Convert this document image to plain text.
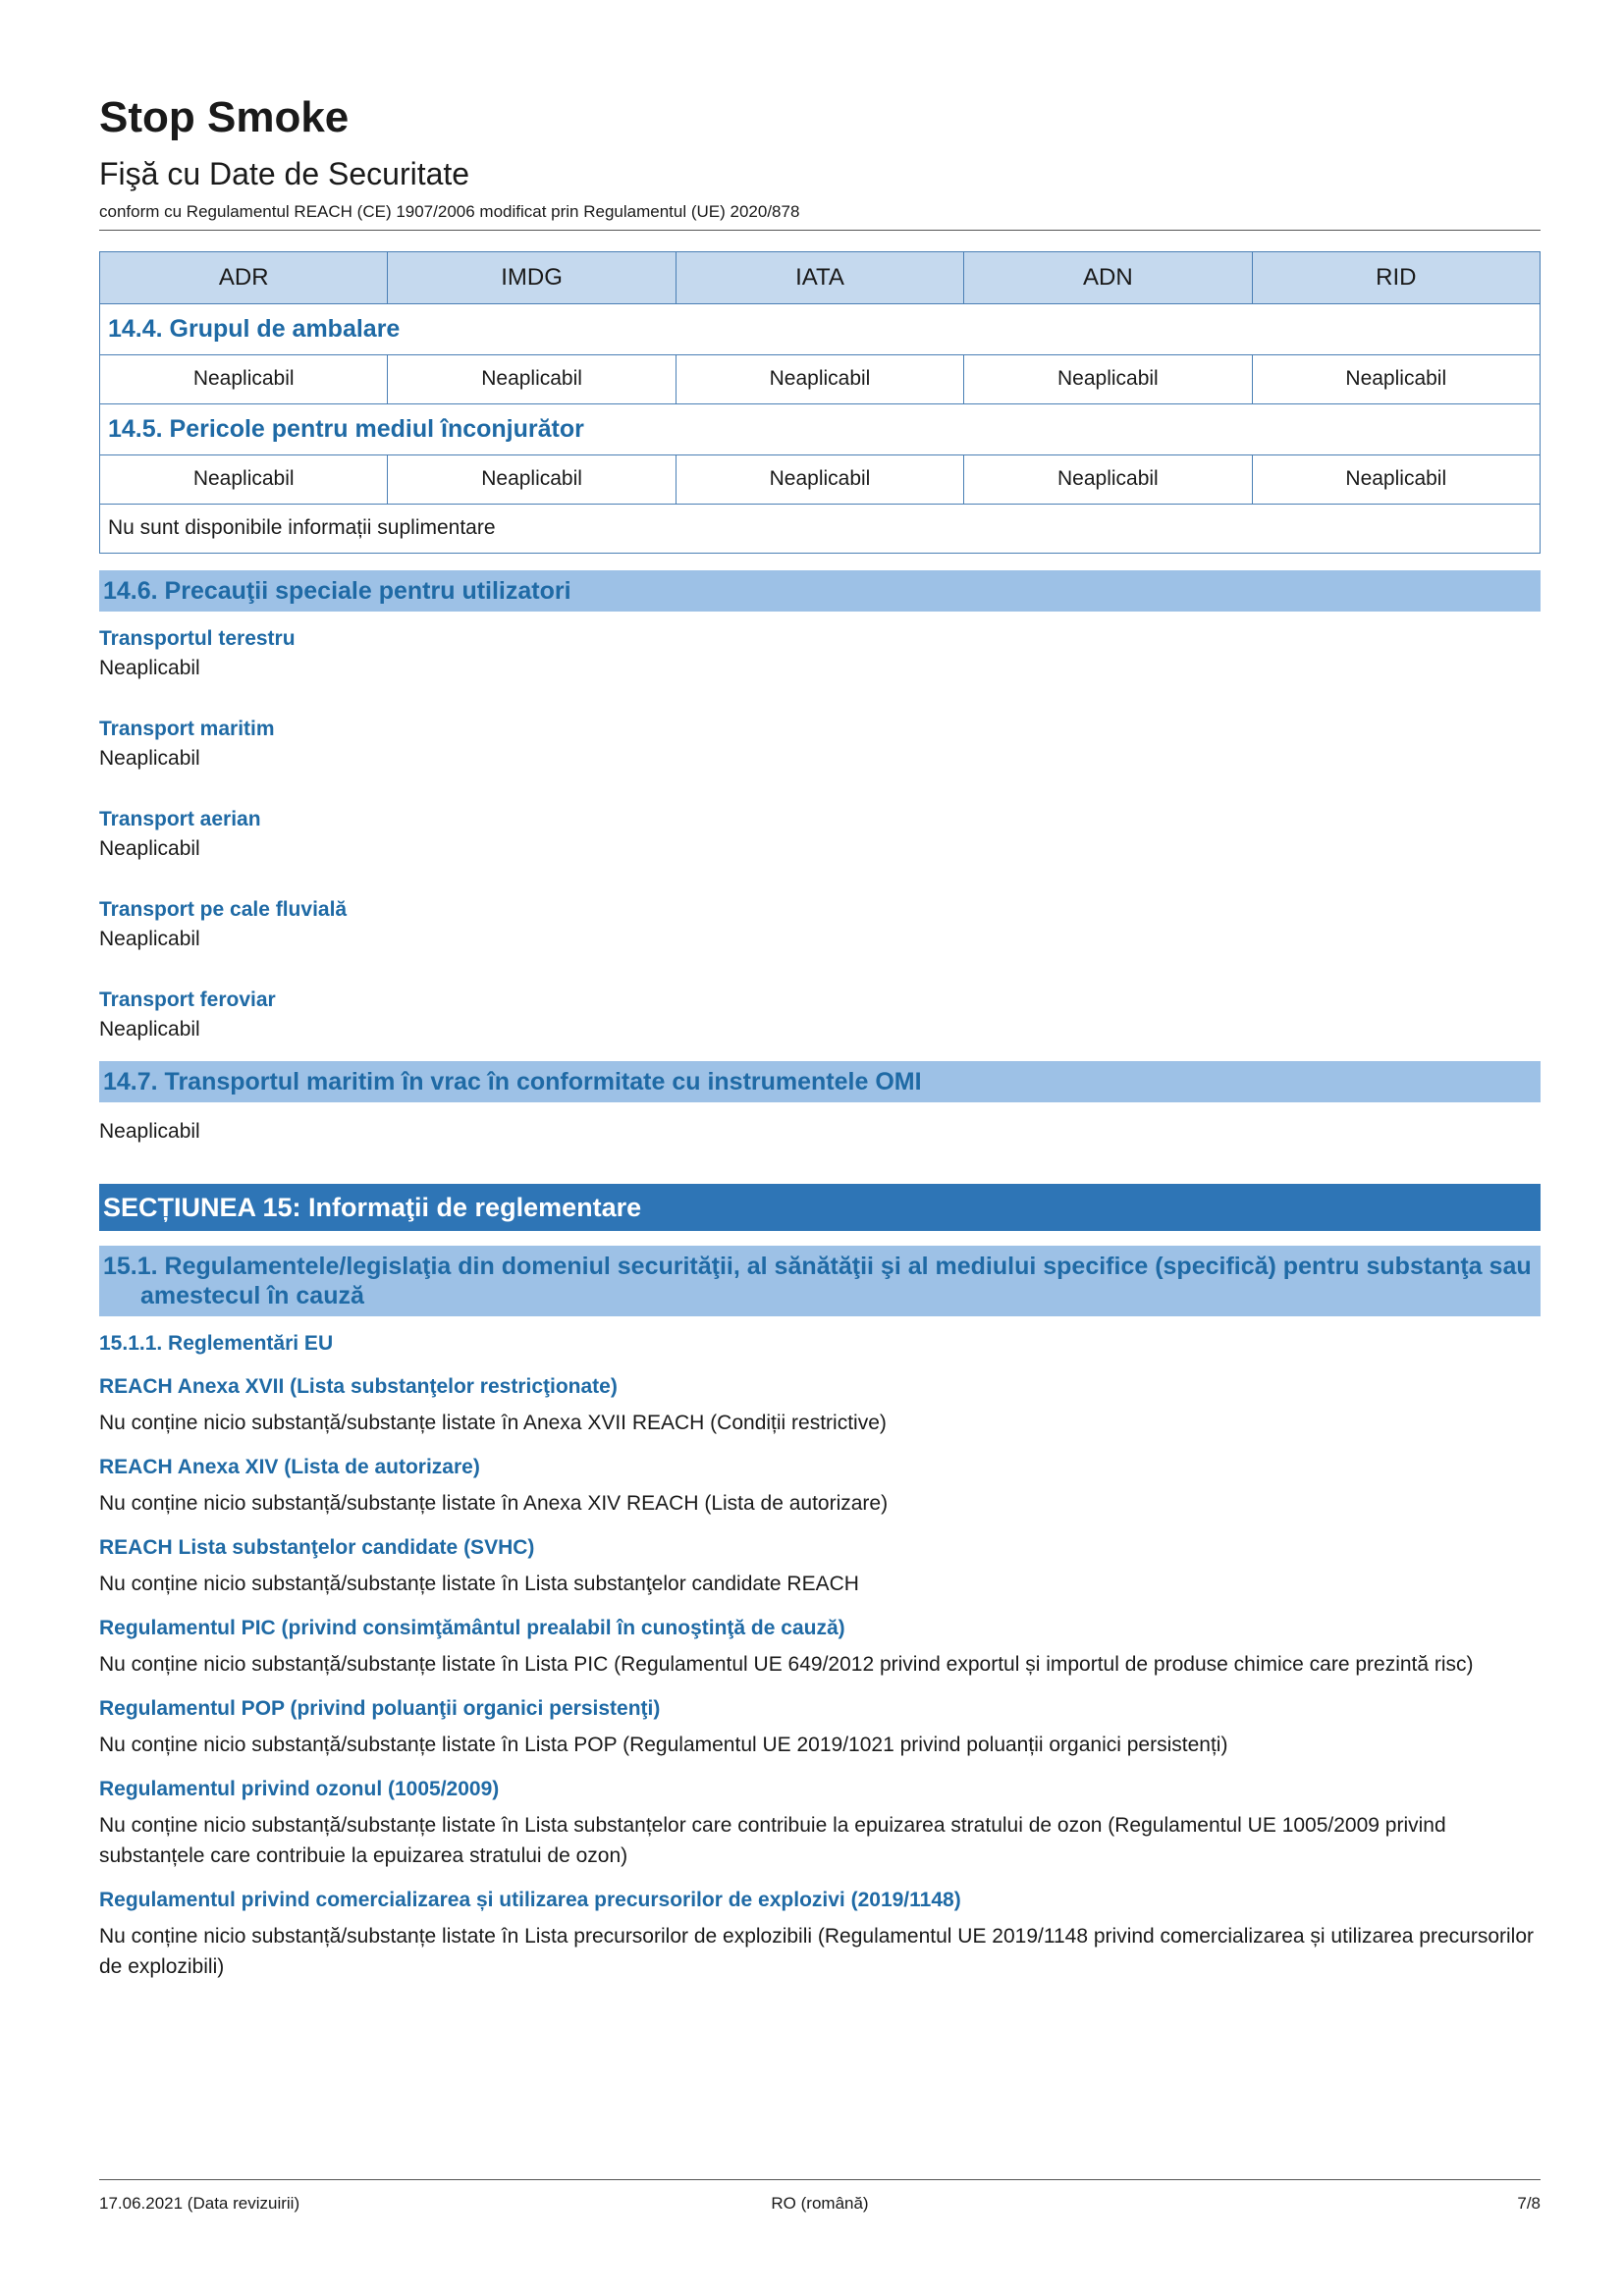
Stop Smoke
Fişă cu Date de Securitate
conform cu Regulamentul REACH (CE) 1907/2006 modificat prin Regulamentul (UE) 2020/878
ADR	IMDG	IATA	ADN	RID
14.4. Grupul de ambalare				
Neaplicabil	Neaplicabil	Neaplicabil	Neaplicabil	Neaplicabil
14.5. Pericole pentru mediul înconjurător				
Neaplicabil	Neaplicabil	Neaplicabil	Neaplicabil	Neaplicabil
Nu sunt disponibile informații suplimentare				
14.6. Precauţii speciale pentru utilizatori
Transportul terestru
Neaplicabil
Transport maritim
Neaplicabil
Transport aerian
Neaplicabil
Transport pe cale fluvială
Neaplicabil
Transport feroviar
Neaplicabil
14.7. Transportul maritim în vrac în conformitate cu instrumentele OMI
Neaplicabil
SECȚIUNEA 15: Informaţii de reglementare
15.1. Regulamentele/legislaţia din domeniul securităţii, al sănătăţii şi al mediului specifice (specifică) pentru substanţa sau amestecul în cauză
15.1.1. Reglementări EU
REACH Anexa XVII (Lista substanţelor restricţionate)
Nu conține nicio substanță/substanțe listate în Anexa XVII REACH (Condiții restrictive)
REACH Anexa XIV (Lista de autorizare)
Nu conține nicio substanță/substanțe listate în Anexa XIV REACH (Lista de autorizare)
REACH Lista substanţelor candidate (SVHC)
Nu conține nicio substanță/substanțe listate în Lista substanţelor candidate REACH
Regulamentul PIC (privind consimţământul prealabil în cunoştinţă de cauză)
Nu conține nicio substanță/substanțe listate în Lista PIC (Regulamentul UE 649/2012 privind exportul și importul de produse chimice care prezintă risc)
Regulamentul POP (privind poluanţii organici persistenţi)
Nu conține nicio substanță/substanțe listate în Lista POP (Regulamentul UE 2019/1021 privind poluanții organici persistenți)
Regulamentul privind ozonul (1005/2009)
Nu conține nicio substanță/substanțe listate în Lista substanțelor care contribuie la epuizarea stratului de ozon (Regulamentul UE 1005/2009 privind substanțele care contribuie la epuizarea stratului de ozon)
Regulamentul privind comercializarea și utilizarea precursorilor de explozivi (2019/1148)
Nu conține nicio substanță/substanțe listate în Lista precursorilor de explozibili (Regulamentul UE 2019/1148 privind comercializarea și utilizarea precursorilor de explozibili)
17.06.2021 (Data revizuirii)	RO (română)	7/8
